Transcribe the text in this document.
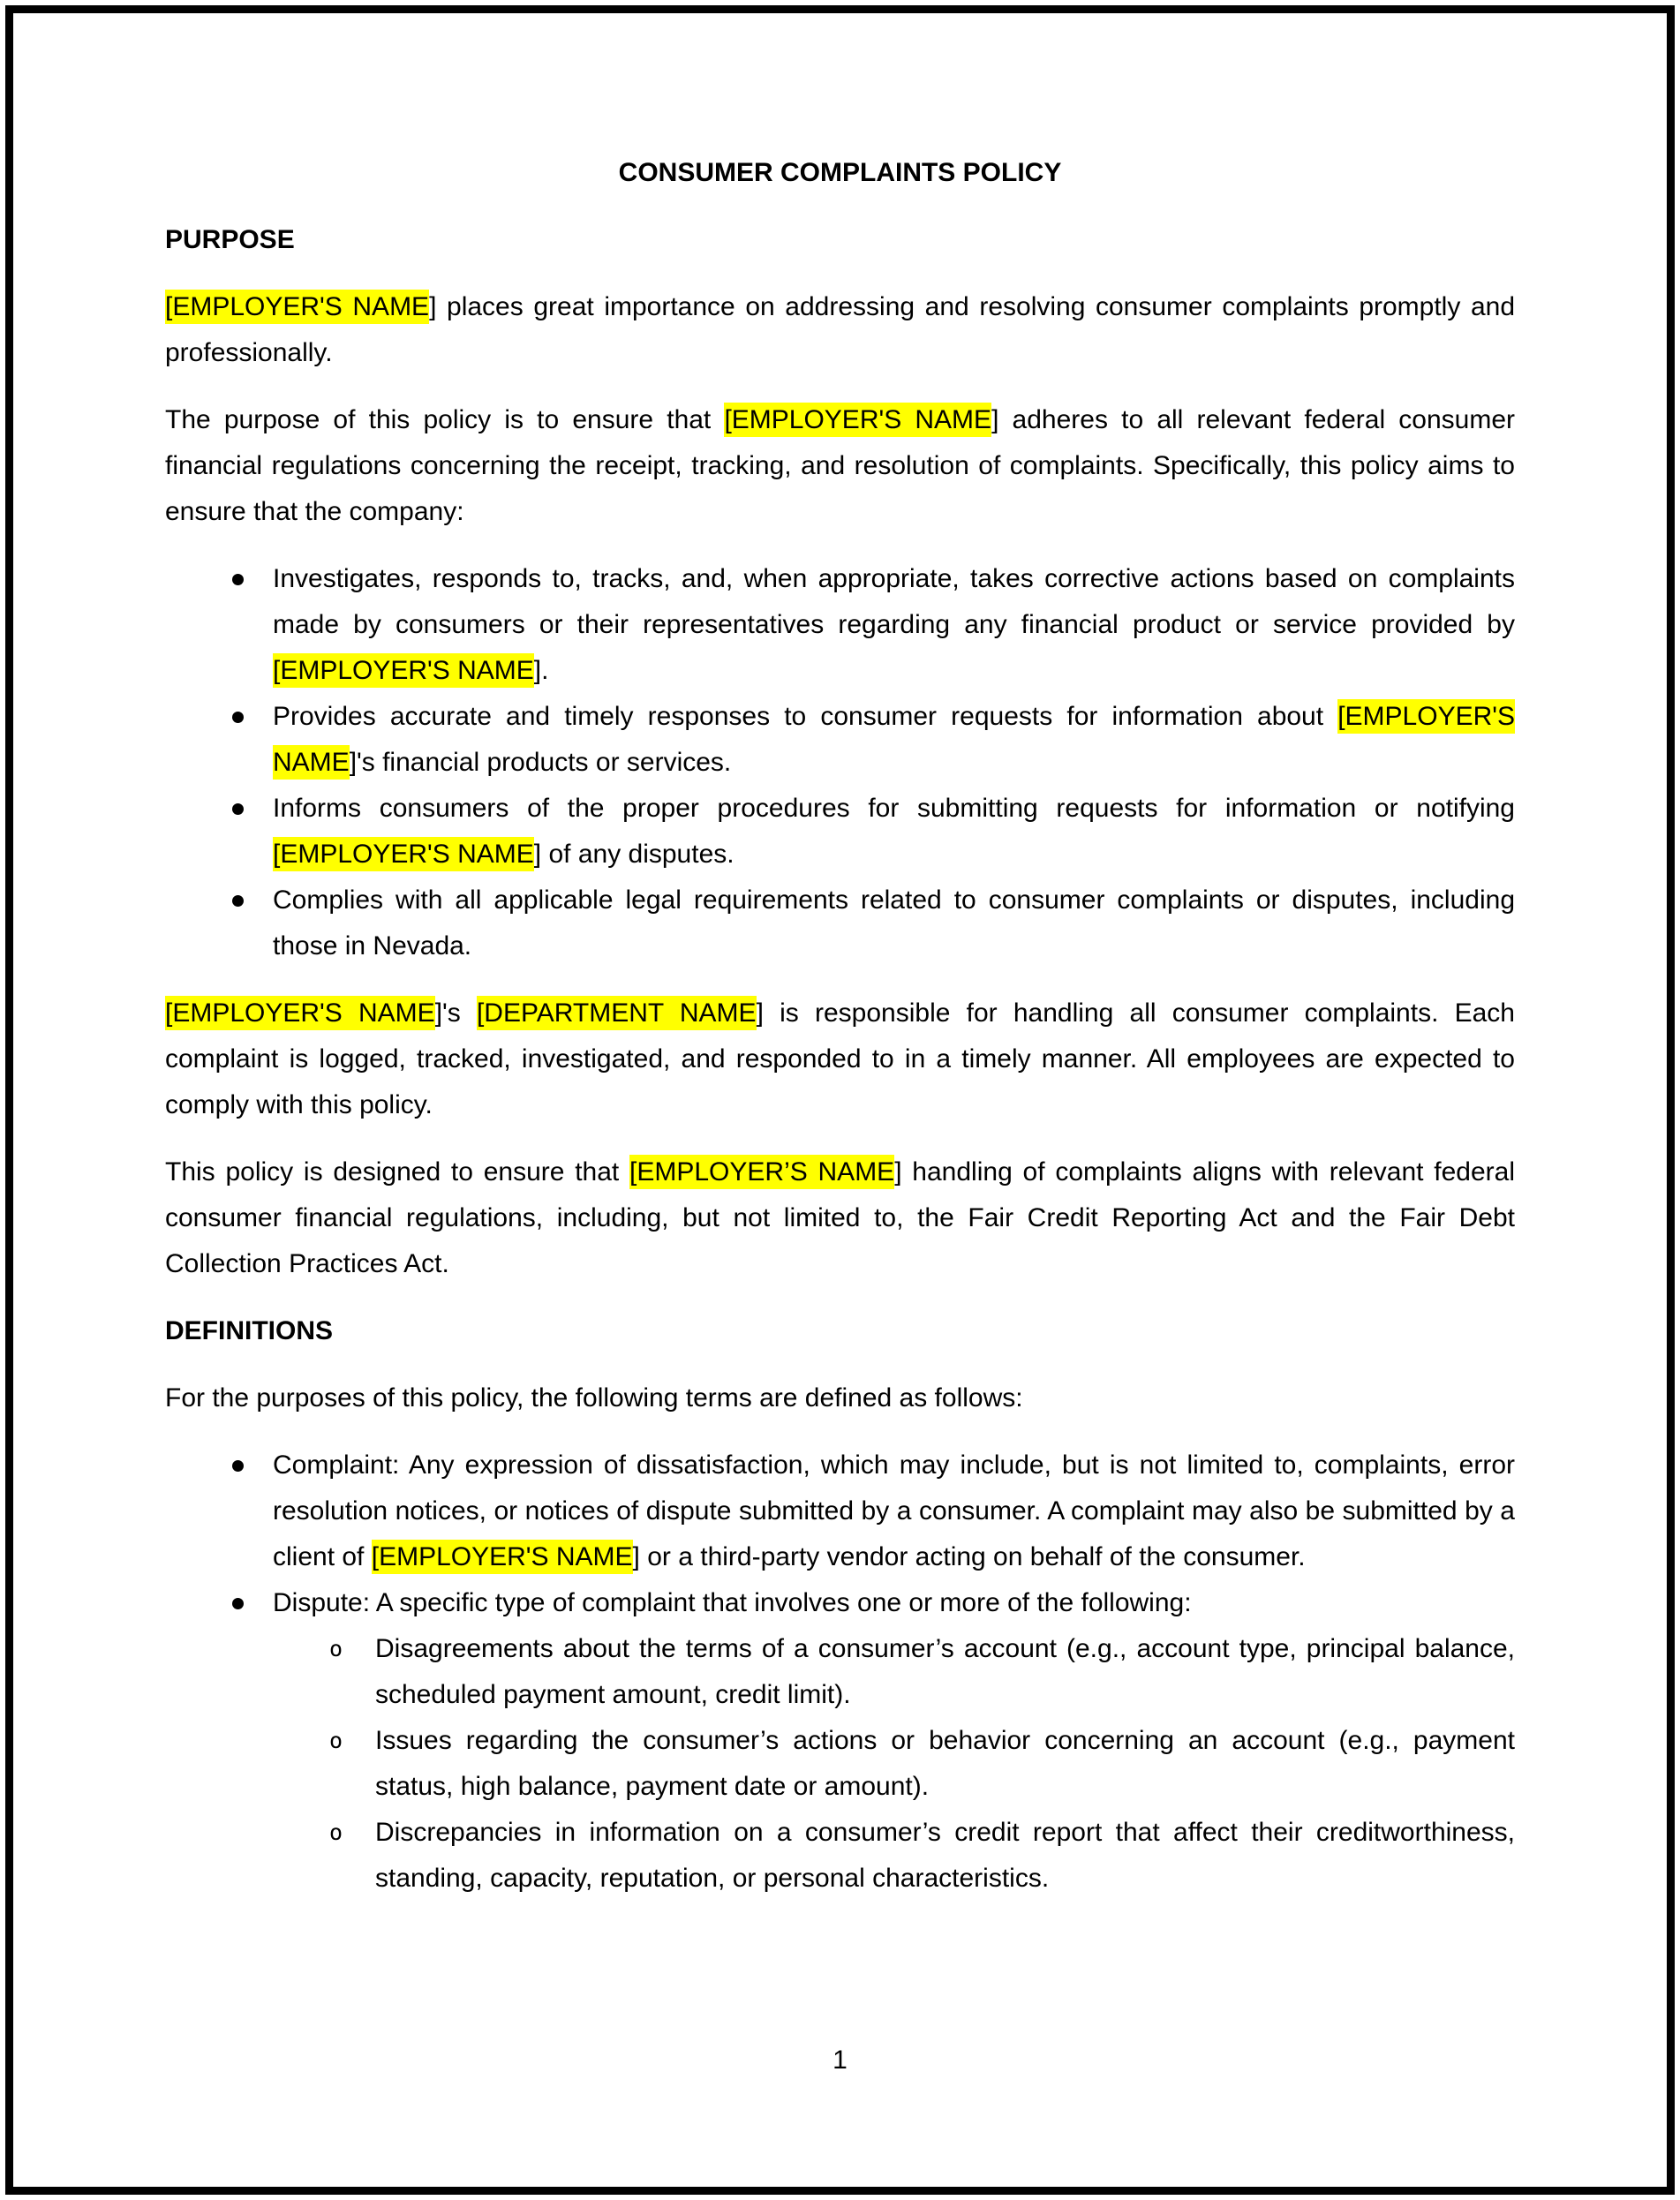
CONSUMER COMPLAINTS POLICY
PURPOSE

[EMPLOYER'S NAME] places great importance on addressing and resolving consumer complaints promptly and professionally.

The purpose of this policy is to ensure that [EMPLOYER'S NAME] adheres to all relevant federal consumer financial regulations concerning the receipt, tracking, and resolution of complaints. Specifically, this policy aims to ensure that the company:

Investigates, responds to, tracks, and, when appropriate, takes corrective actions based on complaints made by consumers or their representatives regarding any financial product or service provided by [EMPLOYER'S NAME].
Provides accurate and timely responses to consumer requests for information about [EMPLOYER'S NAME]'s financial products or services.
Informs consumers of the proper procedures for submitting requests for information or notifying [EMPLOYER'S NAME] of any disputes.
Complies with all applicable legal requirements related to consumer complaints or disputes, including those in Nevada.

[EMPLOYER'S NAME]'s [DEPARTMENT NAME] is responsible for handling all consumer complaints. Each complaint is logged, tracked, investigated, and responded to in a timely manner. All employees are expected to comply with this policy.

This policy is designed to ensure that [EMPLOYER’S NAME] handling of complaints aligns with relevant federal consumer financial regulations, including, but not limited to, the Fair Credit Reporting Act and the Fair Debt Collection Practices Act.

DEFINITIONS

For the purposes of this policy, the following terms are defined as follows:

Complaint: Any expression of dissatisfaction, which may include, but is not limited to, complaints, error resolution notices, or notices of dispute submitted by a consumer. A complaint may also be submitted by a client of [EMPLOYER'S NAME] or a third-party vendor acting on behalf of the consumer.
Dispute: A specific type of complaint that involves one or more of the following:
o Disagreements about the terms of a consumer’s account (e.g., account type, principal balance, scheduled payment amount, credit limit).
o Issues regarding the consumer’s actions or behavior concerning an account (e.g., payment status, high balance, payment date or amount).
o Discrepancies in information on a consumer’s credit report that affect their creditworthiness, standing, capacity, reputation, or personal characteristics.
1
